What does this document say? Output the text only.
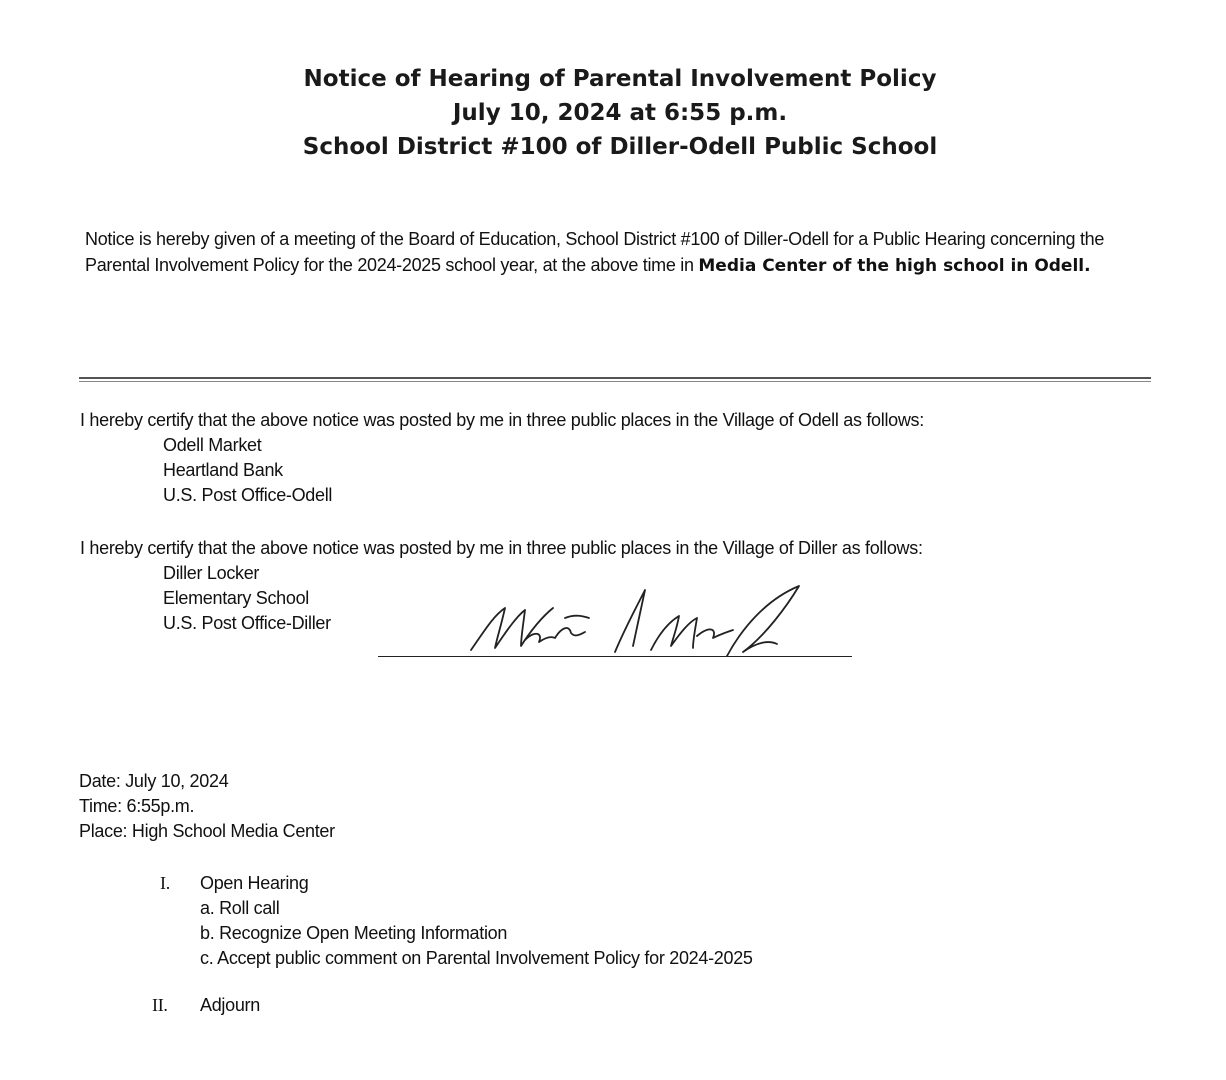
Notice of Hearing of Parental Involvement Policy
July 10, 2024 at 6:55 p.m.
School District #100 of Diller-Odell Public School
Notice is hereby given of a meeting of the Board of Education, School District #100 of Diller-Odell for a Public Hearing concerning the Parental Involvement Policy for the 2024-2025 school year, at the above time in Media Center of the high school in Odell.
I hereby certify that the above notice was posted by me in three public places in the Village of Odell as follows:
Odell Market
Heartland Bank
U.S. Post Office-Odell
I hereby certify that the above notice was posted by me in three public places in the Village of Diller as follows:
Diller Locker
Elementary School
U.S. Post Office-Diller
Date: July 10, 2024
Time: 6:55p.m.
Place: High School Media Center
I. Open Hearing
a. Roll call
b. Recognize Open Meeting Information
c. Accept public comment on Parental Involvement Policy for 2024-2025
II. Adjourn
